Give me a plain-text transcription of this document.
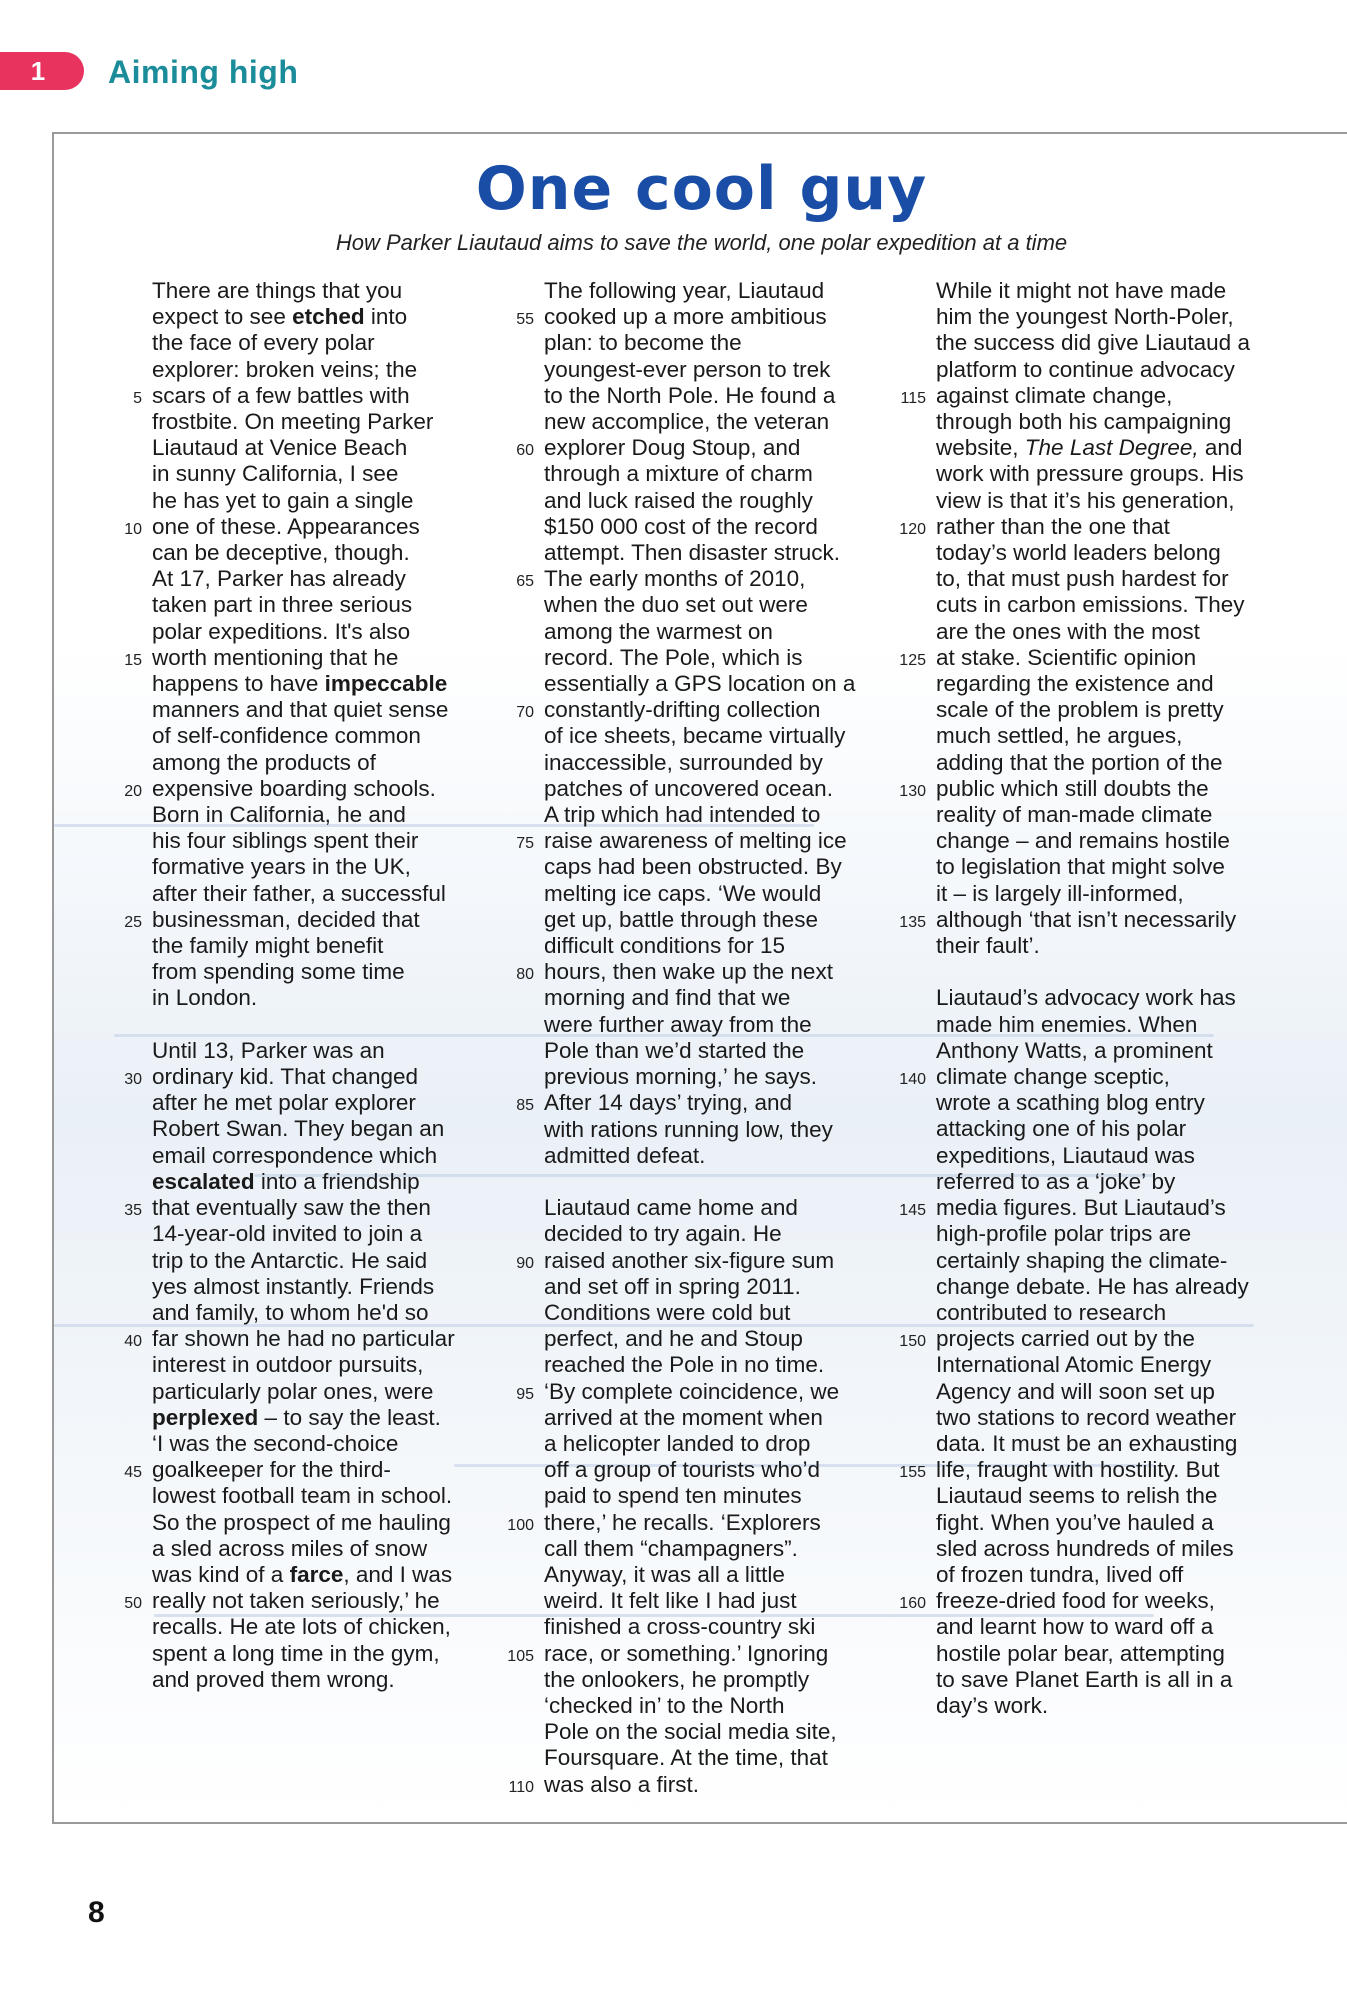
1	Aiming high
One cool guy
How Parker Liautaud aims to save the world, one polar expedition at a time
There are things that you
expect to see etched into
the face of every polar
explorer: broken veins; the
5 scars of a few battles with
frostbite. On meeting Parker
Liautaud at Venice Beach
in sunny California, I see
he has yet to gain a single
10 one of these. Appearances
can be deceptive, though.
At 17, Parker has already
taken part in three serious
polar expeditions. It's also
15 worth mentioning that he
happens to have impeccable
manners and that quiet sense
of self-confidence common
among the products of
20 expensive boarding schools.
Born in California, he and
his four siblings spent their
formative years in the UK,
after their father, a successful
25 businessman, decided that
the family might benefit
from spending some time
in London.
Until 13, Parker was an
30 ordinary kid. That changed
after he met polar explorer
Robert Swan. They began an
email correspondence which
escalated into a friendship
35 that eventually saw the then
14-year-old invited to join a
trip to the Antarctic. He said
yes almost instantly. Friends
and family, to whom he'd so
40 far shown he had no particular
interest in outdoor pursuits,
particularly polar ones, were
perplexed – to say the least.
‘I was the second-choice
45 goalkeeper for the third-
lowest football team in school.
So the prospect of me hauling
a sled across miles of snow
was kind of a farce, and I was
50 really not taken seriously,’ he
recalls. He ate lots of chicken,
spent a long time in the gym,
and proved them wrong.
The following year, Liautaud
55 cooked up a more ambitious
plan: to become the
youngest-ever person to trek
to the North Pole. He found a
new accomplice, the veteran
60 explorer Doug Stoup, and
through a mixture of charm
and luck raised the roughly
$150 000 cost of the record
attempt. Then disaster struck.
65 The early months of 2010,
when the duo set out were
among the warmest on
record. The Pole, which is
essentially a GPS location on a
70 constantly-drifting collection
of ice sheets, became virtually
inaccessible, surrounded by
patches of uncovered ocean.
A trip which had intended to
75 raise awareness of melting ice
caps had been obstructed. By
melting ice caps. ‘We would
get up, battle through these
difficult conditions for 15
80 hours, then wake up the next
morning and find that we
were further away from the
Pole than we’d started the
previous morning,’ he says.
85 After 14 days’ trying, and
with rations running low, they
admitted defeat.
Liautaud came home and
decided to try again. He
90 raised another six-figure sum
and set off in spring 2011.
Conditions were cold but
perfect, and he and Stoup
reached the Pole in no time.
95 ‘By complete coincidence, we
arrived at the moment when
a helicopter landed to drop
off a group of tourists who’d
paid to spend ten minutes
100 there,’ he recalls. ‘Explorers
call them “champagners”.
Anyway, it was all a little
weird. It felt like I had just
finished a cross-country ski
105 race, or something.’ Ignoring
the onlookers, he promptly
‘checked in’ to the North
Pole on the social media site,
Foursquare. At the time, that
110 was also a first.
While it might not have made
him the youngest North-Poler,
the success did give Liautaud a
platform to continue advocacy
115 against climate change,
through both his campaigning
website, The Last Degree, and
work with pressure groups. His
view is that it’s his generation,
120 rather than the one that
today’s world leaders belong
to, that must push hardest for
cuts in carbon emissions. They
are the ones with the most
125 at stake. Scientific opinion
regarding the existence and
scale of the problem is pretty
much settled, he argues,
adding that the portion of the
130 public which still doubts the
reality of man-made climate
change – and remains hostile
to legislation that might solve
it – is largely ill-informed,
135 although ‘that isn’t necessarily
their fault’.
Liautaud’s advocacy work has
made him enemies. When
Anthony Watts, a prominent
140 climate change sceptic,
wrote a scathing blog entry
attacking one of his polar
expeditions, Liautaud was
referred to as a ‘joke’ by
145 media figures. But Liautaud’s
high-profile polar trips are
certainly shaping the climate-
change debate. He has already
contributed to research
150 projects carried out by the
International Atomic Energy
Agency and will soon set up
two stations to record weather
data. It must be an exhausting
155 life, fraught with hostility. But
Liautaud seems to relish the
fight. When you’ve hauled a
sled across hundreds of miles
of frozen tundra, lived off
160 freeze-dried food for weeks,
and learnt how to ward off a
hostile polar bear, attempting
to save Planet Earth is all in a
day’s work.
8
